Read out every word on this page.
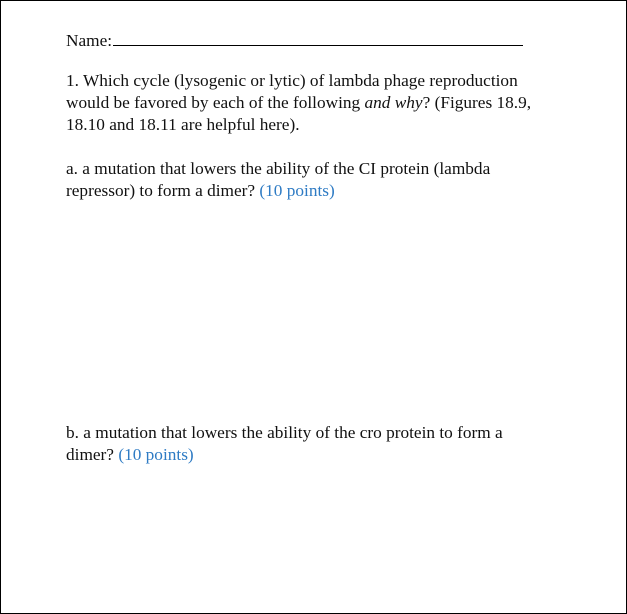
Name:
1. Which cycle (lysogenic or lytic) of lambda phage reproduction would be favored by each of the following and why? (Figures 18.9, 18.10 and 18.11 are helpful here).
a. a mutation that lowers the ability of the CI protein (lambda repressor) to form a dimer? (10 points)
b. a mutation that lowers the ability of the cro protein to form a dimer? (10 points)
